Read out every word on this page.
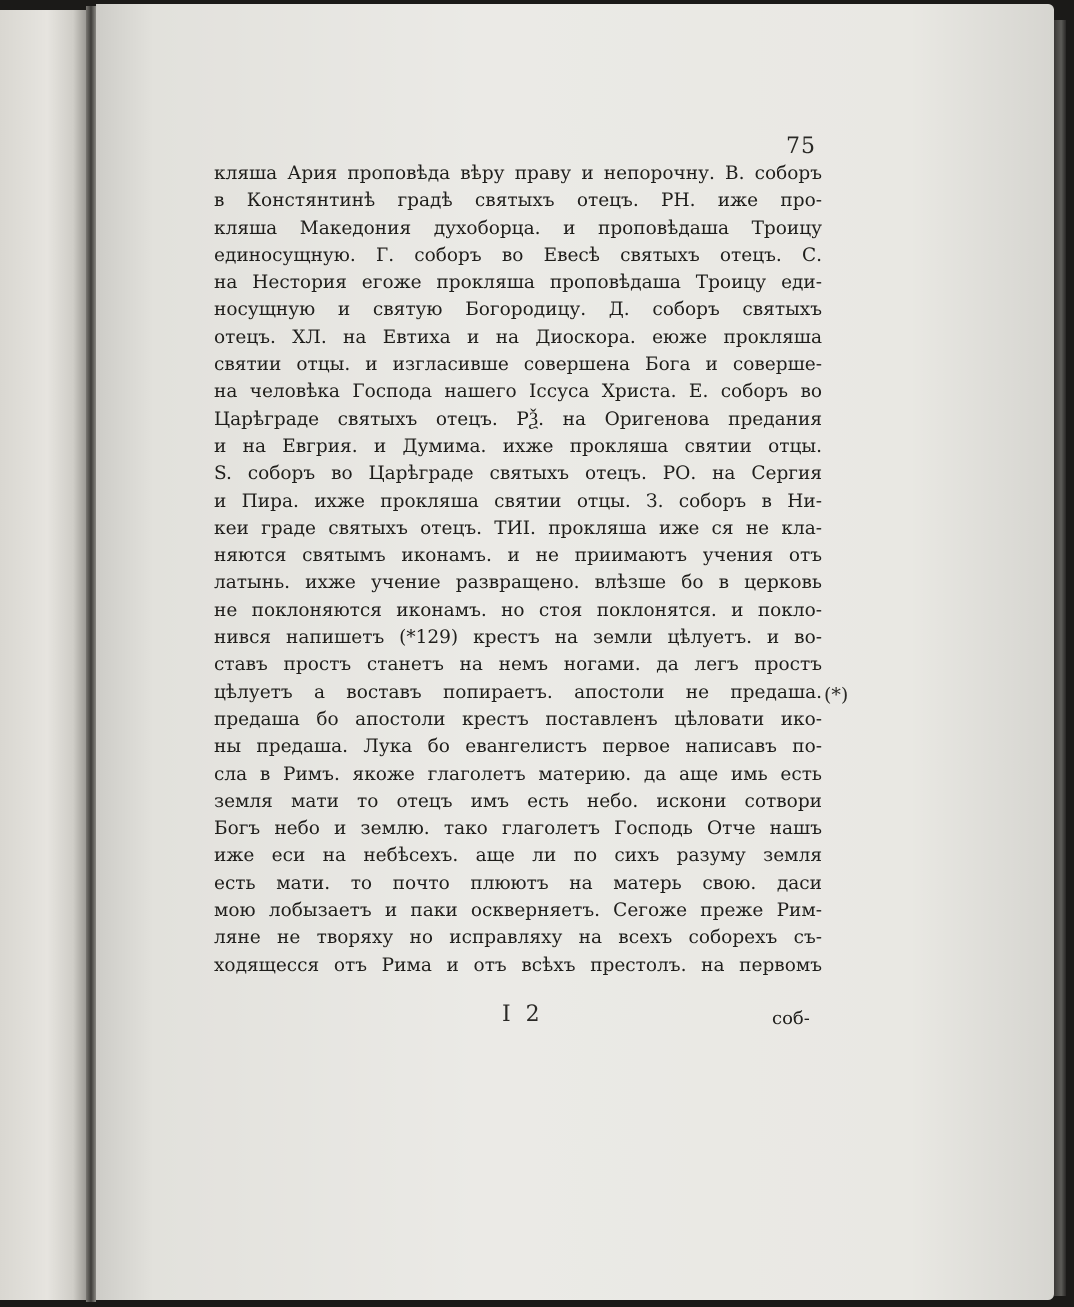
75
кляша Ария проповѣда вѣру праву и непорочну. В. соборъ
в Констянтинѣ градѣ святыхъ отецъ. РН. иже про-
кляша Македония духоборца. и проповѣдаша Троицу
единосущную. Г. соборъ во Евесѣ святыхъ отецъ. С.
на Нестория егоже прокляша проповѣдаша Троицу еди-
носущную и святую Богородицу. Д. соборъ святыхъ
отецъ. ХЛ. на Евтиха и на Диоскора. еюже прокляша
святии отцы. и изгласивше совершена Бога и соверше-
на человѣка Господа нашего Іссуса Христа. Е. соборъ во
Царѣграде святыхъ отецъ. РѮ. на Оригенова предания
и на Евгрия. и Думима. ихже прокляша святии отцы.
S. соборъ во Царѣграде святыхъ отецъ. РО. на Сергия
и Пира. ихже прокляша святии отцы. З. соборъ в Ни-
кеи граде святыхъ отецъ. ТИI. прокляша иже ся не кла-
няются святымъ иконамъ. и не приимаютъ учения отъ
латынь. ихже учение развращено. влѣзше бо в церковь
не поклоняются иконамъ. но стоя поклонятся. и покло-
нився напишетъ (*129) крестъ на земли цѣлуетъ. и во-
ставъ простъ станетъ на немъ ногами. да легъ простъ
цѣлуетъ а воставъ попираетъ. апостоли не предаша.
предаша бо апостоли крестъ поставленъ цѣловати ико-
ны предаша. Лука бо евангелистъ первое написавъ по-
сла в Римъ. якоже глаголетъ материю. да аще имь есть
земля мати то отецъ имъ есть небо. искони сотвори
Богъ небо и землю. тако глаголетъ Господь Отче нашъ
иже еси на небѣсехъ. аще ли по сихъ разуму земля
есть мати. то почто плюютъ на матерь свою. даси
мою лобызаетъ и паки оскверняетъ. Сегоже преже Рим-
ляне не творяху но исправляху на всехъ соборехъ съ-
ходящесся отъ Рима и отъ всѣхъ престолъ. на первомъ
(*)
I 2	соб-
